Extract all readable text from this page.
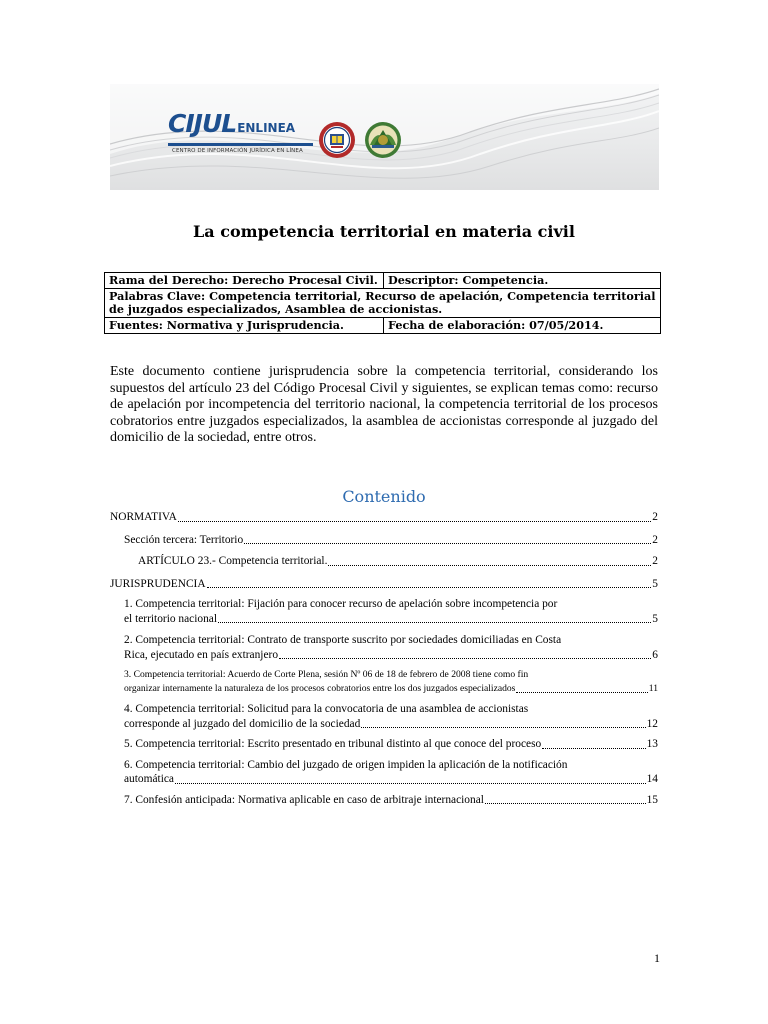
CIJUL ENLINEA
CENTRO DE INFORMACIÓN JURÍDICA EN LÍNEA
La competencia territorial en materia civil
Rama del Derecho: Derecho Procesal Civil.	Descriptor: Competencia.
Palabras Clave: Competencia territorial, Recurso de apelación, Competencia territorial de juzgados especializados, Asamblea de accionistas.	
Fuentes: Normativa y Jurisprudencia.	Fecha de elaboración: 07/05/2014.

Este documento contiene jurisprudencia sobre la competencia territorial, considerando los supuestos del artículo 23 del Código Procesal Civil y siguientes, se explican temas como: recurso de apelación por incompetencia del territorio nacional, la competencia territorial de los procesos cobratorios entre juzgados especializados, la asamblea de accionistas corresponde al juzgado del domicilio de la sociedad, entre otros.

Contenido
NORMATIVA	2
Sección tercera: Territorio	2
ARTÍCULO 23.- Competencia territorial.	2
JURISPRUDENCIA	5
1. Competencia territorial: Fijación para conocer recurso de apelación sobre incompetencia por
el territorio nacional	5
2. Competencia territorial: Contrato de transporte suscrito por sociedades domiciliadas en Costa
Rica, ejecutado en país extranjero	6
3. Competencia territorial: Acuerdo de Corte Plena, sesión Nº 06 de 18 de febrero de 2008 tiene como fin
organizar internamente la naturaleza de los procesos cobratorios entre los dos juzgados especializados	11
4. Competencia territorial: Solicitud para la convocatoria de una asamblea de accionistas
corresponde al juzgado del domicilio de la sociedad	12
5. Competencia territorial: Escrito presentado en tribunal distinto al que conoce del proceso	13
6. Competencia territorial: Cambio del juzgado de origen impiden la aplicación de la notificación
automática	14
7. Confesión anticipada: Normativa aplicable en caso de arbitraje internacional	15
1
